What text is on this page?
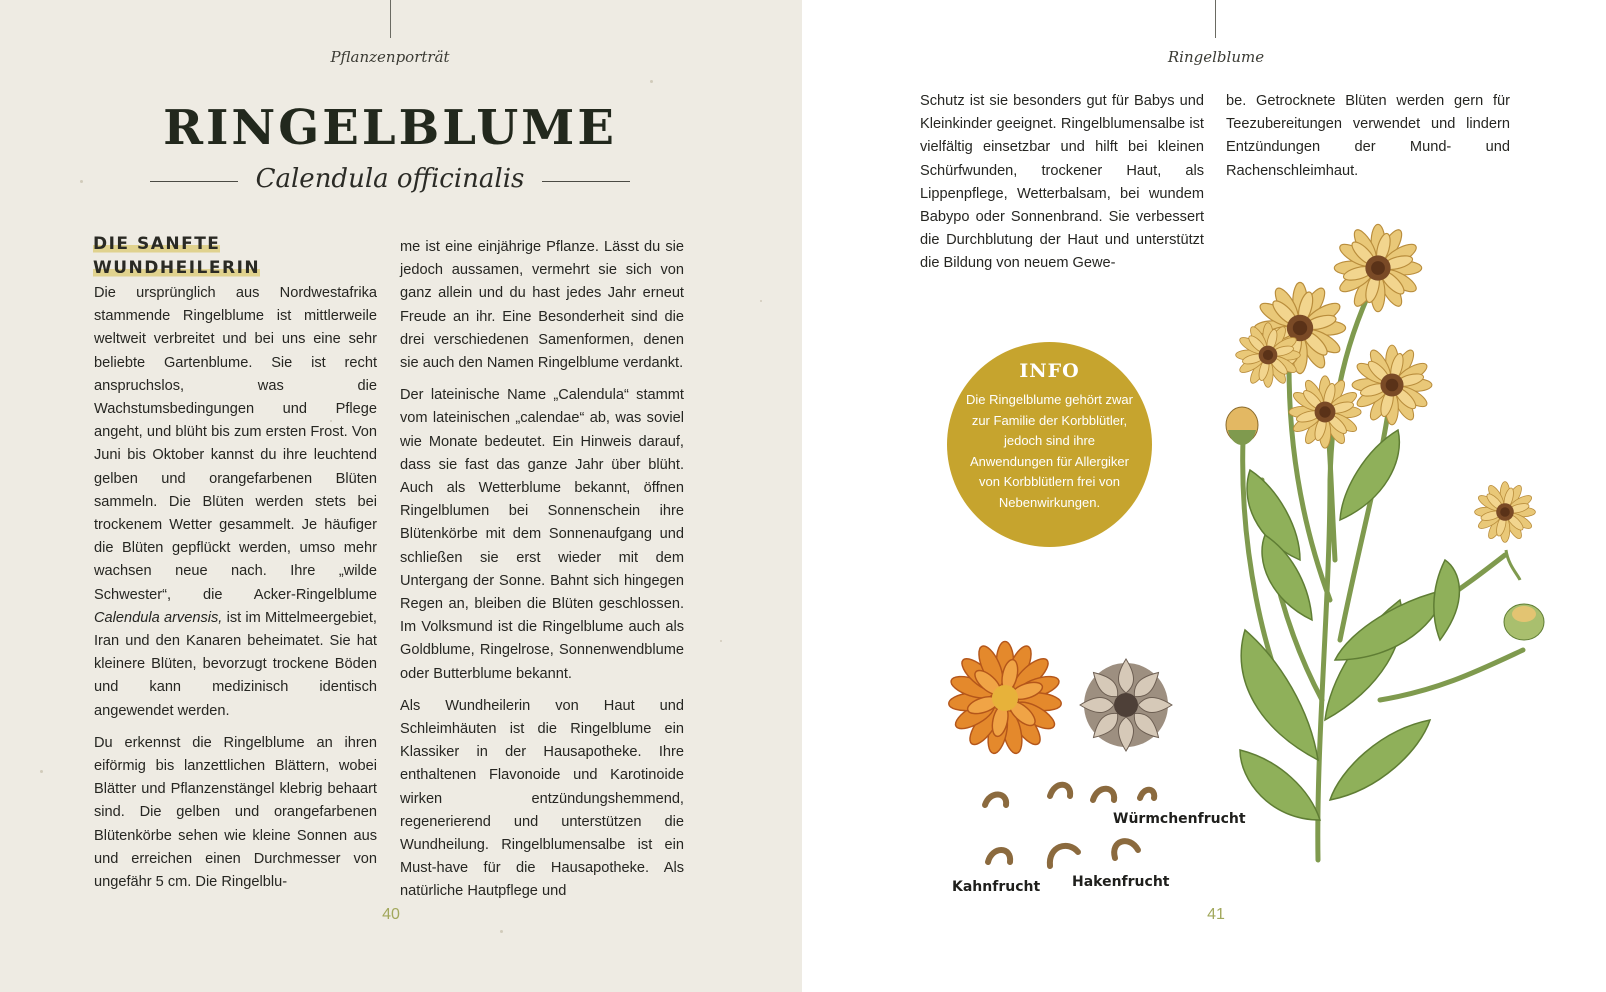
Pflanzenporträt
RINGELBLUME
Calendula officinalis
DIE SANFTE
WUNDHEILERIN

Die ursprünglich aus Nordwestafrika stammende Ringelblume ist mittlerweile weltweit verbreitet und bei uns eine sehr beliebte Gartenblume. Sie ist recht anspruchslos, was die Wachstumsbedingungen und Pflege angeht, und blüht bis zum ersten Frost. Von Juni bis Oktober kannst du ihre leuchtend gelben und orangefarbenen Blüten sammeln. Die Blüten werden stets bei trockenem Wetter gesammelt. Je häufiger die Blüten gepflückt werden, umso mehr wachsen neue nach. Ihre „wilde Schwester“, die Acker-Ringelblume Calendula arvensis, ist im Mittelmeergebiet, Iran und den Kanaren beheimatet. Sie hat kleinere Blüten, bevorzugt trockene Böden und kann medizinisch identisch angewendet werden.

Du erkennst die Ringelblume an ihren eiförmig bis lanzettlichen Blättern, wobei Blätter und Pflanzenstängel klebrig behaart sind. Die gelben und orangefarbenen Blütenkörbe sehen wie kleine Sonnen aus und erreichen einen Durchmesser von ungefähr 5 cm. Die Ringelblu-

me ist eine einjährige Pflanze. Lässt du sie jedoch aussamen, vermehrt sie sich von ganz allein und du hast jedes Jahr erneut Freude an ihr. Eine Besonderheit sind die drei verschiedenen Samenformen, denen sie auch den Namen Ringelblume verdankt.

Der lateinische Name „Calendula“ stammt vom lateinischen „calendae“ ab, was soviel wie Monate bedeutet. Ein Hinweis darauf, dass sie fast das ganze Jahr über blüht. Auch als Wetterblume bekannt, öffnen Ringelblumen bei Sonnenschein ihre Blütenkörbe mit dem Sonnenaufgang und schließen sie erst wieder mit dem Untergang der Sonne. Bahnt sich hingegen Regen an, bleiben die Blüten geschlossen. Im Volksmund ist die Ringelblume auch als Goldblume, Ringelrose, Sonnenwendblume oder Butterblume bekannt.

Als Wundheilerin von Haut und Schleimhäuten ist die Ringelblume ein Klassiker in der Hausapotheke. Ihre enthaltenen Flavonoide und Karotinoide wirken entzündungshemmend, regenerierend und unterstützen die Wundheilung. Ringelblumensalbe ist ein Must-have für die Hausapotheke. Als natürliche Hautpflege und

40
Ringelblume

Schutz ist sie besonders gut für Babys und Kleinkinder geeignet. Ringelblumensalbe ist vielfältig einsetzbar und hilft bei kleinen Schürfwunden, trockener Haut, als Lippenpflege, Wetterbalsam, bei wundem Babypo oder Sonnenbrand. Sie verbessert die Durchblutung der Haut und unterstützt die Bildung von neuem Gewe-

be. Getrocknete Blüten werden gern für Teezubereitungen verwendet und lindern Entzündungen der Mund- und Rachenschleimhaut.

41
Würmchenfrucht
Kahnfrucht Hakenfrucht
INFO
Die Ringelblume gehört zwar zur Familie der Korbblütler, jedoch sind ihre Anwendungen für Allergiker von Korbblütlern frei von Nebenwirkungen.
